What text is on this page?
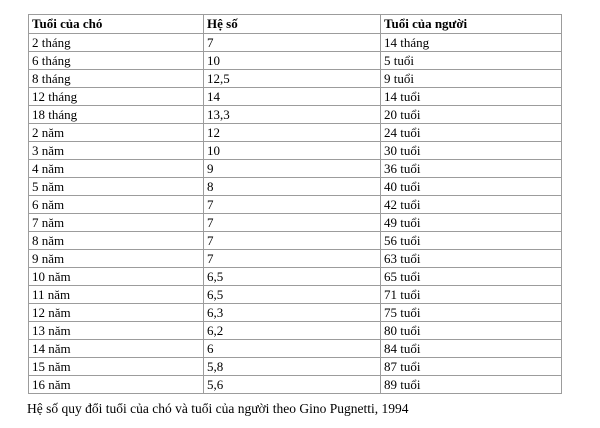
Tuổi của chó	Hệ số	Tuổi của người
2 tháng	7	14 tháng
6 tháng	10	5 tuổi
8 tháng	12,5	9 tuổi
12 tháng	14	14 tuổi
18 tháng	13,3	20 tuổi
2 năm	12	24 tuổi
3 năm	10	30 tuổi
4 năm	9	36 tuổi
5 năm	8	40 tuổi
6 năm	7	42 tuổi
7 năm	7	49 tuổi
8 năm	7	56 tuổi
9 năm	7	63 tuổi
10 năm	6,5	65 tuổi
11 năm	6,5	71 tuổi
12 năm	6,3	75 tuổi
13 năm	6,2	80 tuổi
14 năm	6	84 tuổi
15 năm	5,8	87 tuổi
16 năm	5,6	89 tuổi
Hệ số quy đổi tuổi của chó và tuổi của người theo Gino Pugnetti, 1994
